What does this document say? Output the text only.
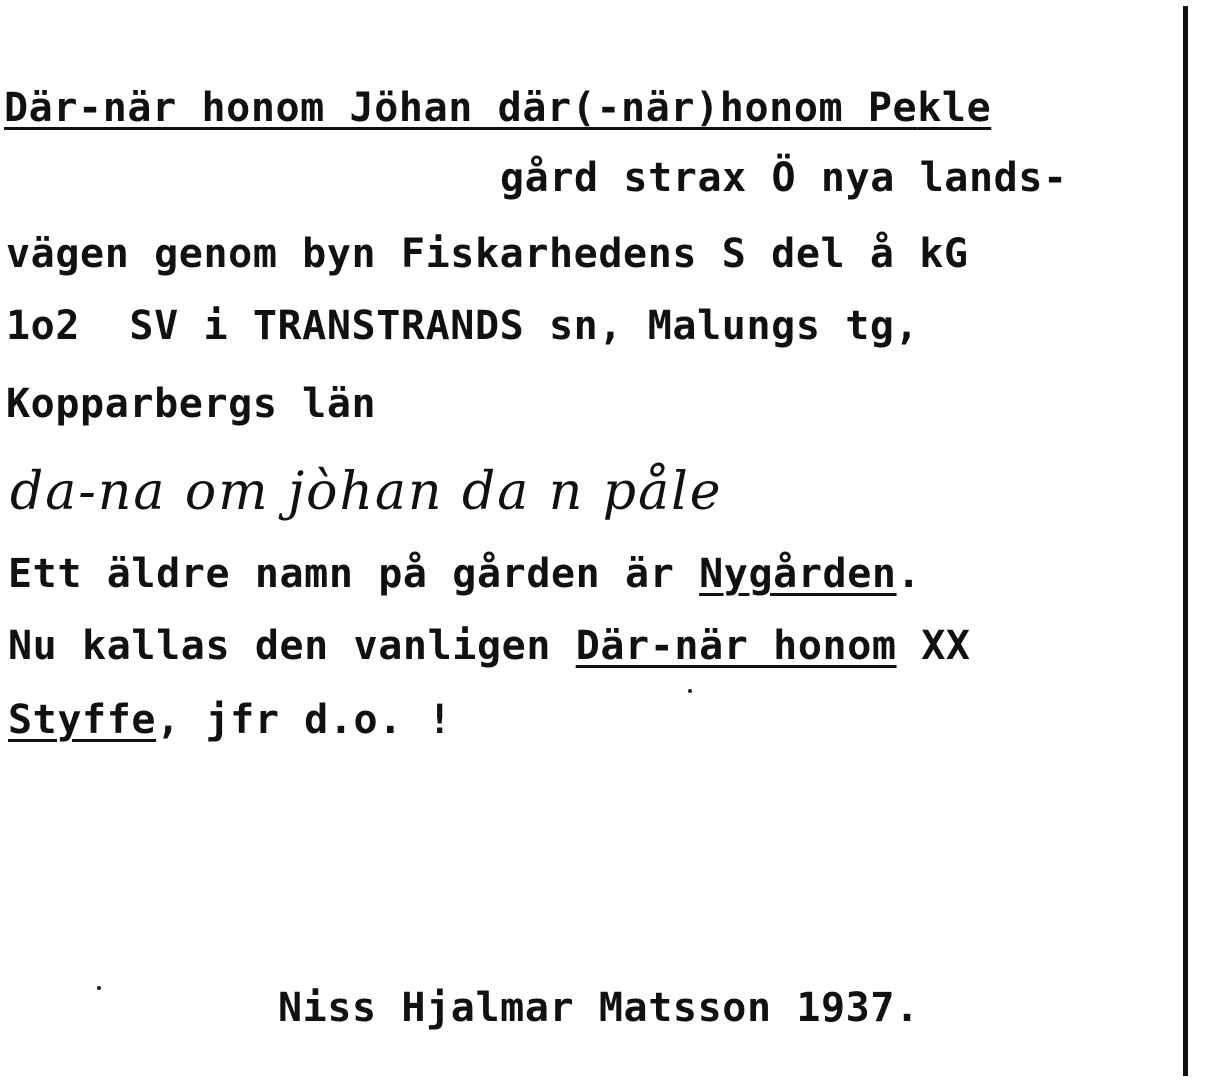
Där-när honom Jöhan där(-när)honom Pekle
gård strax Ö nya lands-
vägen genom byn Fiskarhedens S del å kG
1o2  SV i TRANSTRANDS sn, Malungs tg,
Kopparbergs län
da-na om jòhan da n påle
Ett äldre namn på gården är Nygården.
Nu kallas den vanligen Där-när honom XX
Styffe, jfr d.o. !
Niss Hjalmar Matsson 1937.
